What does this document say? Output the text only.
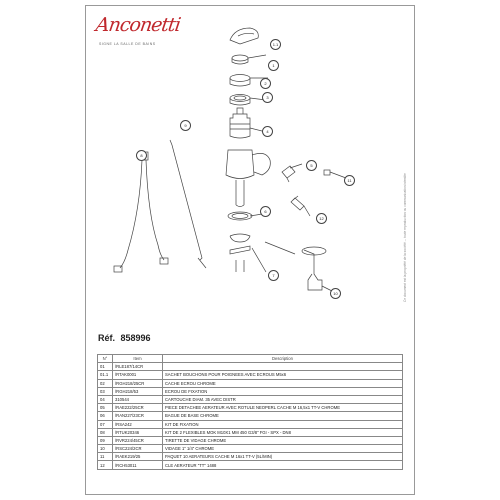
Anconetti
SIGNE LA SALLE DE BAINS
Ce document est la propriété de la société ... toute reproduction ou communication interdite
1.1
1
6
2
3
4
5
7
8
9
10
11
12
Réf. 858996
N°	Item	Description
01	/RLE187/14CR	
01.1	/RTAK0001	SACHET BOUCHONS POUR POIGNEES AVEC ECROUS M5x6
02	/RGH218/25CR	CACHE ECROU CHROME
03	/RGH218/53	ECROU DE FIXATION
04	310544	CARTOUCHE DIAM. 35 AVEC DISTR
05	/RAE222/25CR	PIECE DETACHEE AERATEUR AVEC ROTULE NEOPERL CACHE M 16,5x1 TT-V CHROME
06	/RAN227/23CR	BAGUE DE BASE CHROME
07	/RSA242	KIT DE FIXATION
08	/RTUK20346	KIT DE 2 FLEXIBLES MOK M10X1 MM 450 G3/8" FGI - SPX - DN8
09	/RVR224/45CR	TIRETTE DE VIDAGE CHROME
10	/RSC224/2CR	VIDAGE 1" 1/4" CHROME
11	/RAEK219/25	PAQUET 10 AERATEURS CACHE M 16x1 TT-V (5L/MIN)
12	/RCH53011	CLE AERATEUR "TT" 1488
